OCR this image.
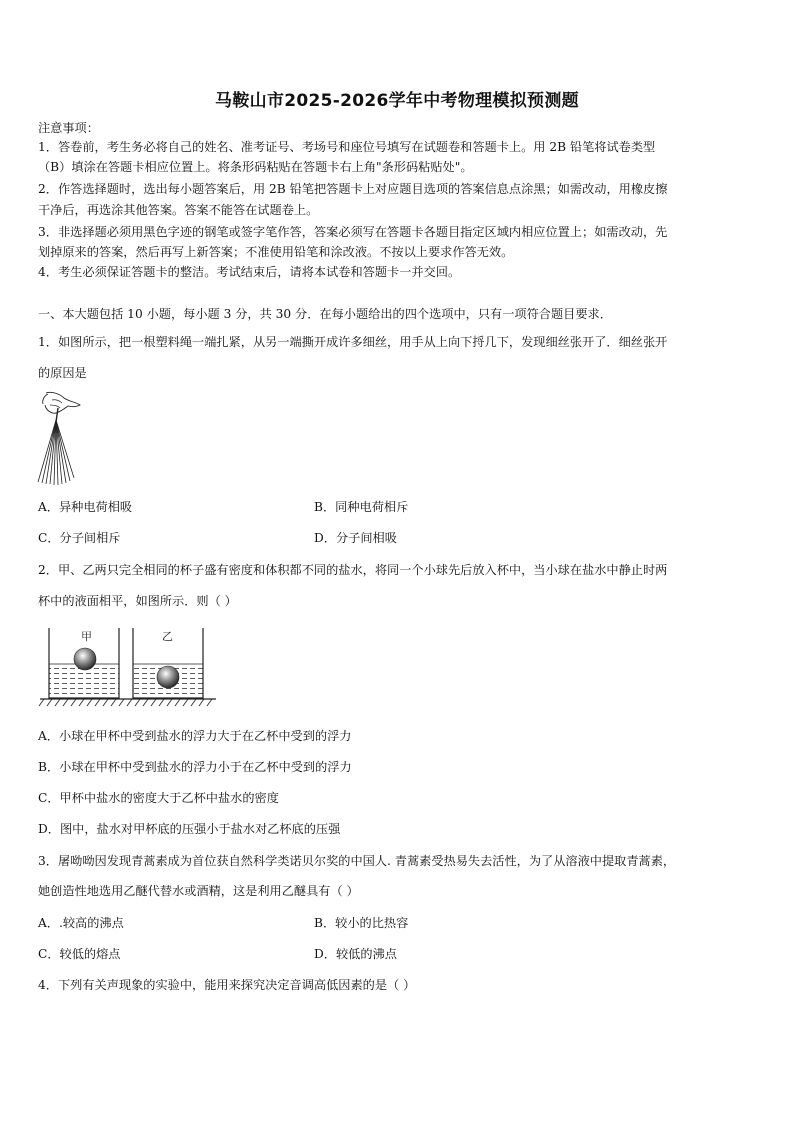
马鞍山市2025-2026学年中考物理模拟预测题
注意事项：
1．答卷前，考生务必将自己的姓名、准考证号、考场号和座位号填写在试题卷和答题卡上。用 2B 铅笔将试卷类型
（B）填涂在答题卡相应位置上。将条形码粘贴在答题卡右上角"条形码粘贴处"。
2．作答选择题时，选出每小题答案后，用 2B 铅笔把答题卡上对应题目选项的答案信息点涂黑；如需改动，用橡皮擦
干净后，再选涂其他答案。答案不能答在试题卷上。
3．非选择题必须用黑色字迹的钢笔或签字笔作答，答案必须写在答题卡各题目指定区域内相应位置上；如需改动，先
划掉原来的答案，然后再写上新答案；不准使用铅笔和涂改液。不按以上要求作答无效。
4．考生必须保证答题卡的整洁。考试结束后，请将本试卷和答题卡一并交回。
一、本大题包括 10 小题，每小题 3 分，共 30 分．在每小题给出的四个选项中，只有一项符合题目要求．
1．如图所示，把一根塑料绳一端扎紧，从另一端撕开成许多细丝，用手从上向下捋几下，发现细丝张开了．细丝张开
的原因是
A．异种电荷相吸	B．同种电荷相斥
C．分子间相斥	D．分子间相吸
2．甲、乙两只完全相同的杯子盛有密度和体积都不同的盐水，将同一个小球先后放入杯中，当小球在盐水中静止时两
杯中的液面相平，如图所示．则（ ）
甲	乙
A．小球在甲杯中受到盐水的浮力大于在乙杯中受到的浮力
B．小球在甲杯中受到盐水的浮力小于在乙杯中受到的浮力
C．甲杯中盐水的密度大于乙杯中盐水的密度
D．图中，盐水对甲杯底的压强小于盐水对乙杯底的压强
3．屠呦呦因发现青蒿素成为首位获自然科学类诺贝尔奖的中国人. 青蒿素受热易失去活性，为了从溶液中提取青蒿素，
她创造性地选用乙醚代替水或酒精，这是利用乙醚具有（ ）
A．.较高的沸点	B．较小的比热容
C．较低的熔点	D．较低的沸点
4．下列有关声现象的实验中，能用来探究决定音调高低因素的是（ ）
